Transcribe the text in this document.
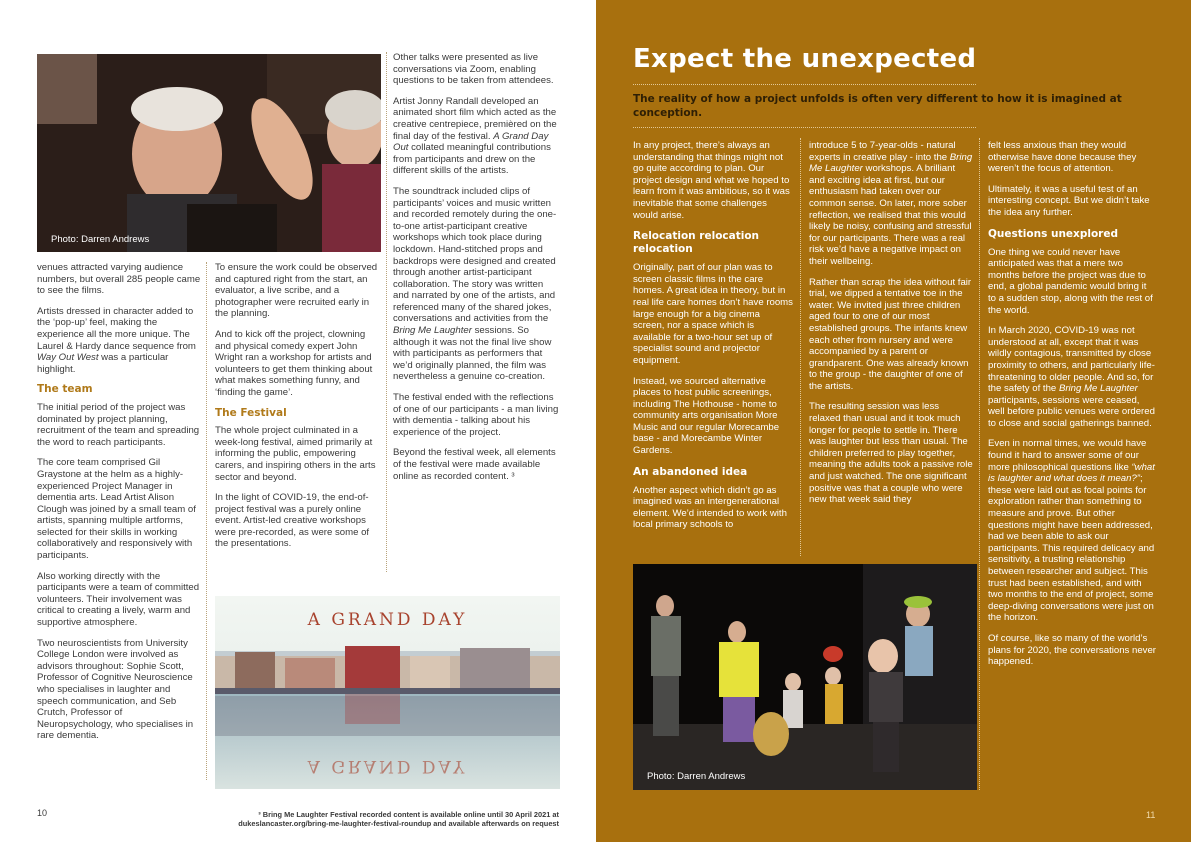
Photo: Darren Andrews

venues attracted varying audience numbers, but overall 285 people came to see the films.

Artists dressed in character added to the ‘pop-up’ feel, making the experience all the more unique. The Laurel & Hardy dance sequence from Way Out West was a particular highlight.

The team

The initial period of the project was dominated by project planning, recruitment of the team and spreading the word to reach participants.

The core team comprised Gil Graystone at the helm as a highly-experienced Project Manager in dementia arts. Lead Artist Alison Clough was joined by a small team of artists, spanning multiple artforms, selected for their skills in working collaboratively and responsively with participants.

Also working directly with the participants were a team of committed volunteers. Their involvement was critical to creating a lively, warm and supportive atmosphere.

Two neuroscientists from University College London were involved as advisors throughout: Sophie Scott, Professor of Cognitive Neuroscience who specialises in laughter and speech communication, and Seb Crutch, Professor of Neuropsychology, who specialises in rare dementia.

To ensure the work could be observed and captured right from the start, an evaluator, a live scribe, and a photographer were recruited early in the planning.

And to kick off the project, clowning and physical comedy expert John Wright ran a workshop for artists and volunteers to get them thinking about what makes something funny, and ‘finding the game’.

The Festival

The whole project culminated in a week-long festival, aimed primarily at informing the public, empowering carers, and inspiring others in the arts sector and beyond.

In the light of COVID-19, the end-of-project festival was a purely online event. Artist-led creative workshops were pre-recorded, as were some of the presentations.

Other talks were presented as live conversations via Zoom, enabling questions to be taken from attendees.

Artist Jonny Randall developed an animated short film which acted as the creative centrepiece, premièred on the final day of the festival. A Grand Day Out collated meaningful contributions from participants and drew on the different skills of the artists.

The soundtrack included clips of participants’ voices and music written and recorded remotely during the one-to-one artist-participant creative workshops which took place during lockdown. Hand-stitched props and backdrops were designed and created through another artist-participant collaboration. The story was written and narrated by one of the artists, and referenced many of the shared jokes, conversations and activities from the Bring Me Laughter sessions. So although it was not the final live show with participants as performers that we’d originally planned, the film was nevertheless a genuine co-creation.

The festival ended with the reflections of one of our participants - a man living with dementia - talking about his experience of the project.

Beyond the festival week, all elements of the festival were made available online as recorded content. ³

A GRAND DAY
A GRAND DAY
10	³ Bring Me Laughter Festival recorded content is available online until 30 April 2021 at
dukeslancaster.org/bring-me-laughter-festival-roundup and available afterwards on request
Expect the unexpected
The reality of how a project unfolds is often very different to how it is imagined at conception.

In any project, there’s always an understanding that things might not go quite according to plan. Our project design and what we hoped to learn from it was ambitious, so it was inevitable that some challenges would arise.

Relocation relocation relocation

Originally, part of our plan was to screen classic films in the care homes. A great idea in theory, but in real life care homes don’t have rooms large enough for a big cinema screen, nor a space which is available for a two-hour set up of specialist sound and projector equipment.

Instead, we sourced alternative places to host public screenings, including The Hothouse - home to community arts organisation More Music and our regular Morecambe base - and Morecambe Winter Gardens.

An abandoned idea

Another aspect which didn’t go as imagined was an intergenerational element. We’d intended to work with local primary schools to

introduce 5 to 7-year-olds - natural experts in creative play - into the Bring Me Laughter workshops. A brilliant and exciting idea at first, but our enthusiasm had taken over our common sense. On later, more sober reflection, we realised that this would likely be noisy, confusing and stressful for our participants. There was a real risk we’d have a negative impact on their wellbeing.

Rather than scrap the idea without fair trial, we dipped a tentative toe in the water. We invited just three children aged four to one of our most established groups. The infants knew each other from nursery and were accompanied by a parent or grandparent. One was already known to the group - the daughter of one of the artists.

The resulting session was less relaxed than usual and it took much longer for people to settle in. There was laughter but less than usual. The children preferred to play together, meaning the adults took a passive role and just watched. The one significant positive was that a couple who were new that week said they

felt less anxious than they would otherwise have done because they weren’t the focus of attention.

Ultimately, it was a useful test of an interesting concept. But we didn’t take the idea any further.

Questions unexplored

One thing we could never have anticipated was that a mere two months before the project was due to end, a global pandemic would bring it to a sudden stop, along with the rest of the world.

In March 2020, COVID-19 was not understood at all, except that it was wildly contagious, transmitted by close proximity to others, and particularly life-threatening to older people. And so, for the safety of the Bring Me Laughter participants, sessions were ceased, well before public venues were ordered to close and social gatherings banned.

Even in normal times, we would have found it hard to answer some of our more philosophical questions like “what is laughter and what does it mean?”; these were laid out as focal points for exploration rather than something to measure and prove. But other questions might have been addressed, had we been able to ask our participants. This required delicacy and sensitivity, a trusting relationship between researcher and subject. This trust had been established, and with two months to the end of project, some deep-diving conversations were just on the horizon.

Of course, like so many of the world’s plans for 2020, the conversations never happened.

Photo: Darren Andrews
11
